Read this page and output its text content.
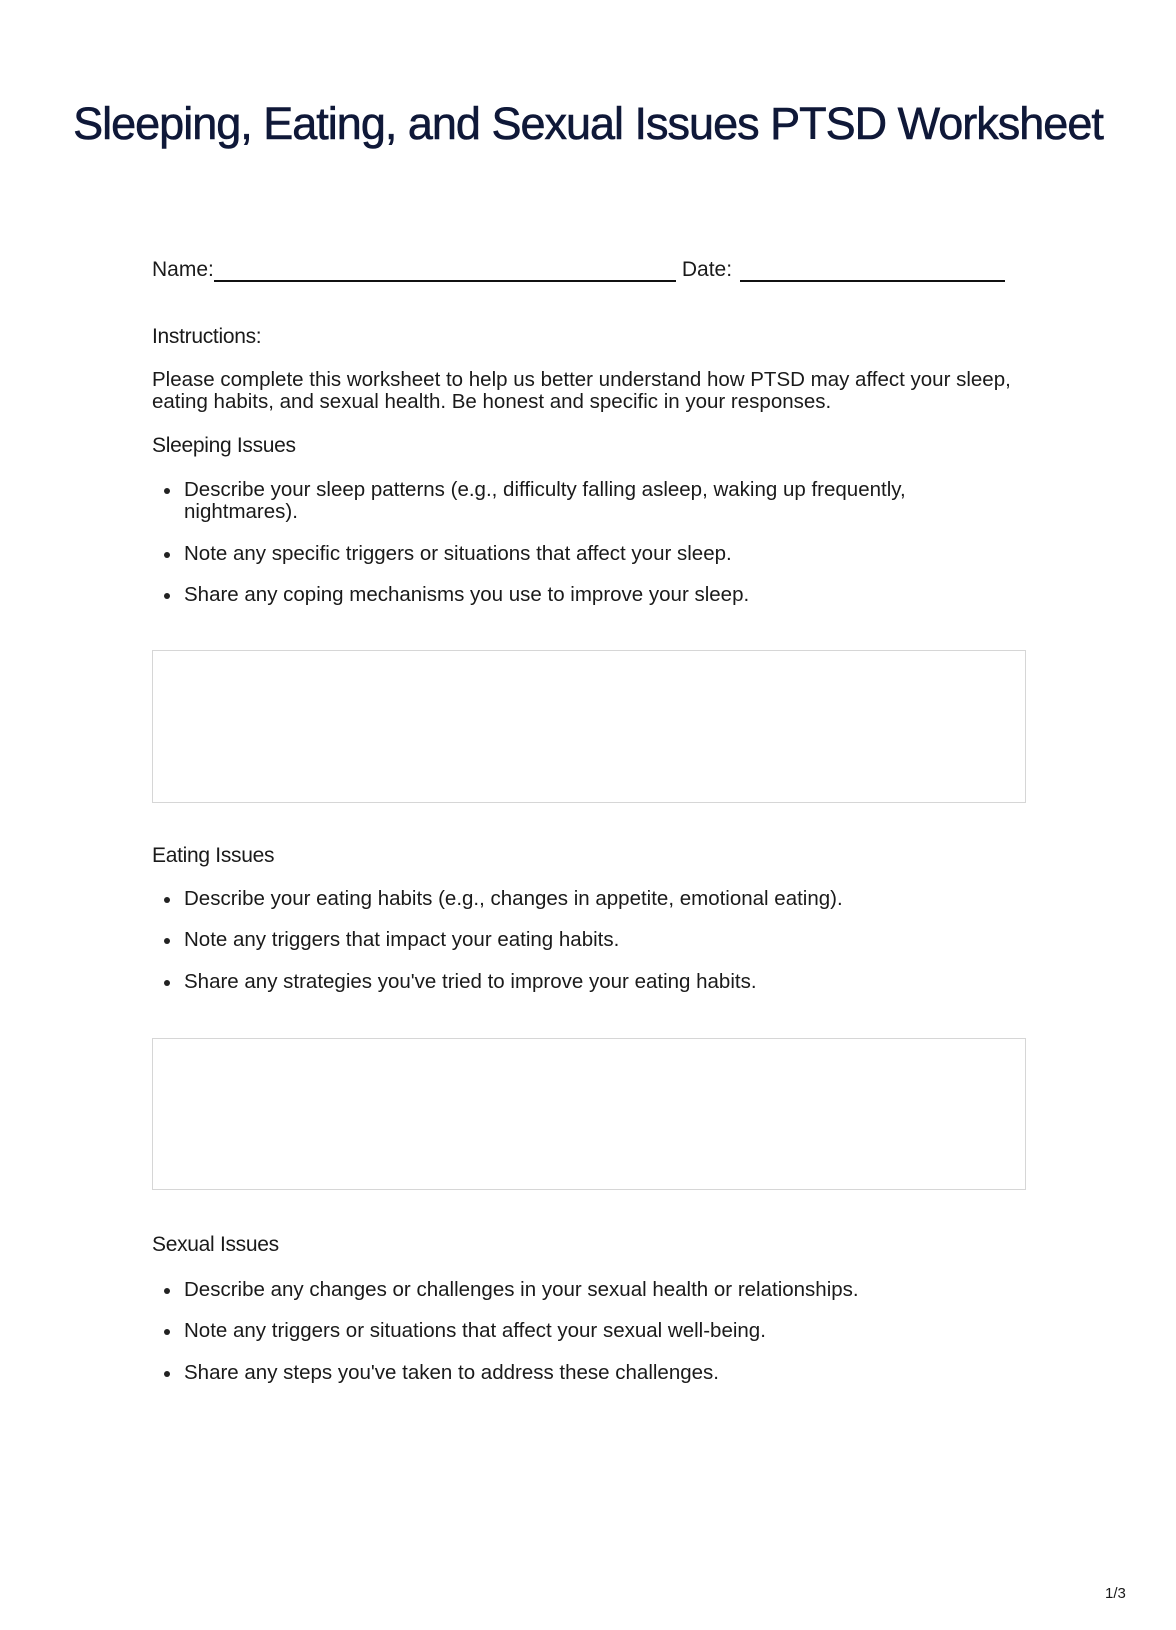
Sleeping, Eating, and Sexual Issues PTSD Worksheet
Name:	Date:
Instructions:
Please complete this worksheet to help us better understand how PTSD may affect your sleep, eating habits, and sexual health. Be honest and specific in your responses.
Sleeping Issues
Describe your sleep patterns (e.g., difficulty falling asleep, waking up frequently, nightmares).
Note any specific triggers or situations that affect your sleep.
Share any coping mechanisms you use to improve your sleep.
Eating Issues
Describe your eating habits (e.g., changes in appetite, emotional eating).
Note any triggers that impact your eating habits.
Share any strategies you've tried to improve your eating habits.
Sexual Issues
Describe any changes or challenges in your sexual health or relationships.
Note any triggers or situations that affect your sexual well-being.
Share any steps you've taken to address these challenges.
1/3
